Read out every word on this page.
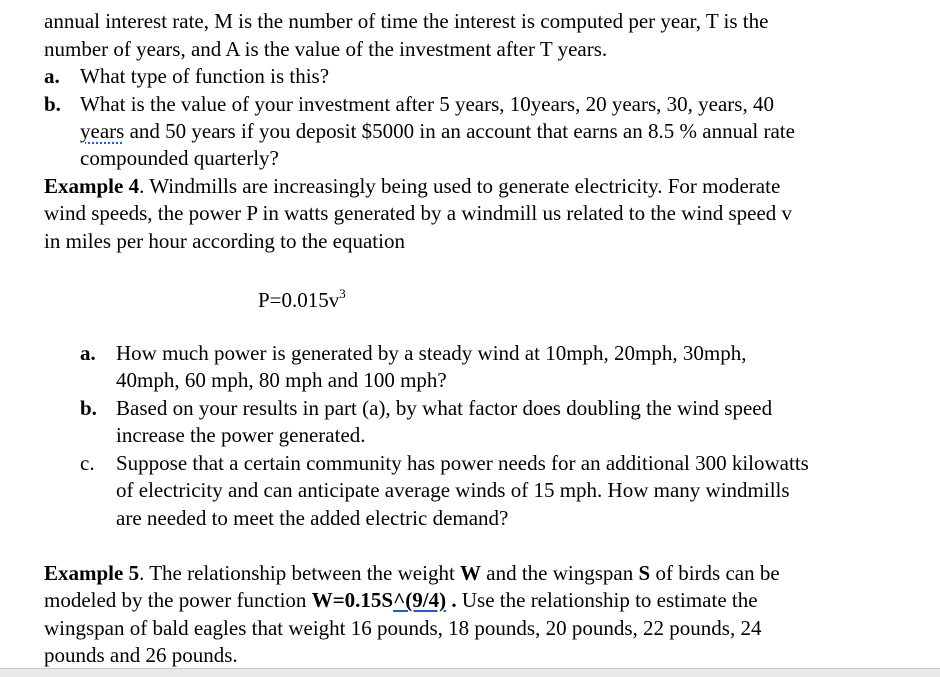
annual interest rate, M is the number of time the interest is computed per year, T is the
number of years, and A is the value of the investment after T years.
a. What type of function is this?
b. What is the value of your investment after 5 years, 10years, 20 years, 30, years, 40
years and 50 years if you deposit $5000 in an account that earns an 8.5 % annual rate
compounded quarterly?
Example 4. Windmills are increasingly being used to generate electricity. For moderate
wind speeds, the power P in watts generated by a windmill us related to the wind speed v
in miles per hour according to the equation
$P=0.015v^3$
a. How much power is generated by a steady wind at 10mph, 20mph, 30mph,
40mph, 60 mph, 80 mph and 100 mph?
b. Based on your results in part (a), by what factor does doubling the wind speed
increase the power generated.
c. Suppose that a certain community has power needs for an additional 300 kilowatts
of electricity and can anticipate average winds of 15 mph. How many windmills
are needed to meet the added electric demand?
Example 5. The relationship between the weight W and the wingspan S of birds can be
modeled by the power function W=0.15S^(9/4) . Use the relationship to estimate the
wingspan of bald eagles that weight 16 pounds, 18 pounds, 20 pounds, 22 pounds, 24
pounds and 26 pounds.
